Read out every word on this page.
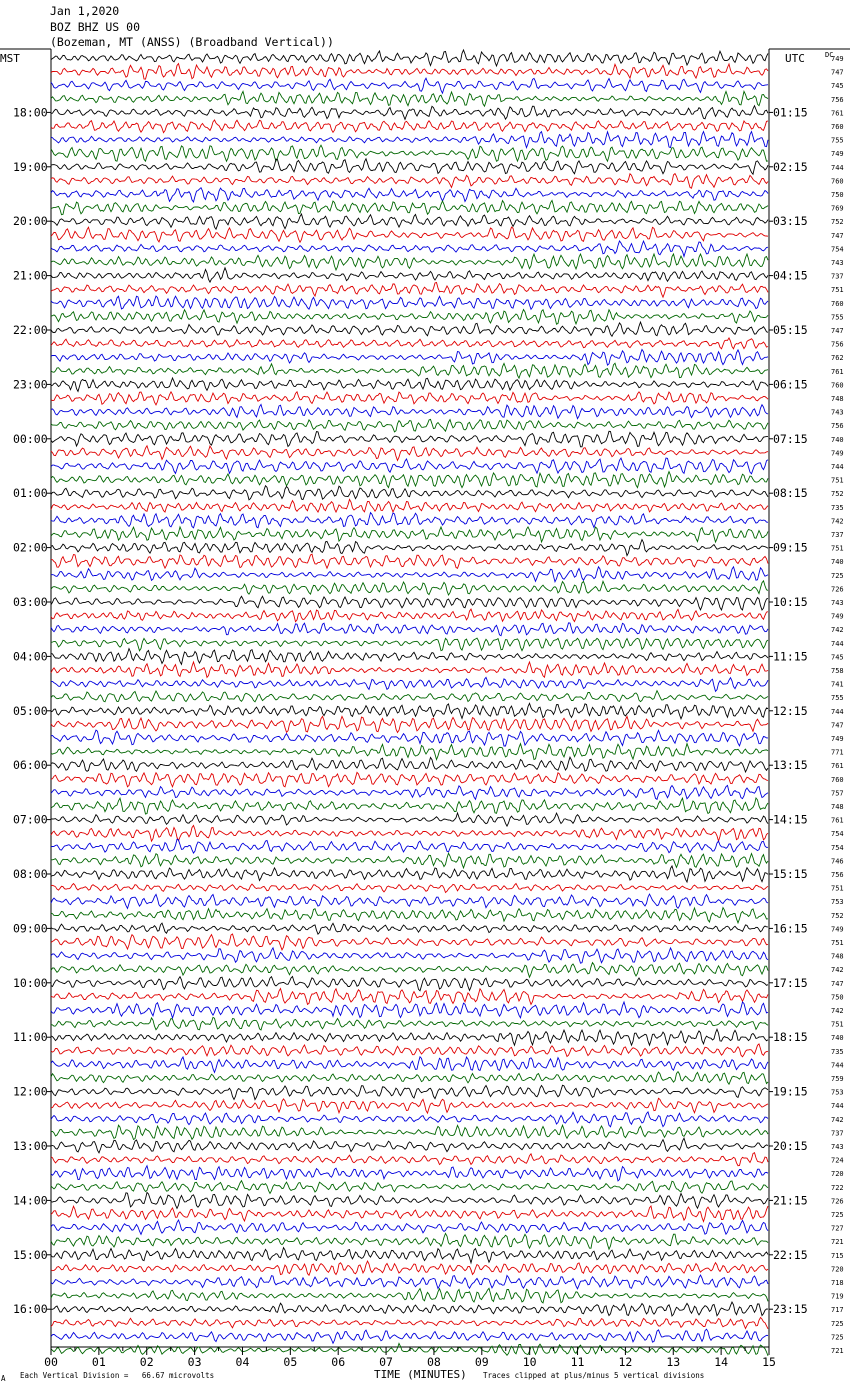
Jan 1,2020
BOZ BHZ US 00
(Bozeman, MT (ANSS) (Broadband Vertical))
MST	UTC	DC
749
747
745
756
761
760
755
749
744
760
750
769
752
747
754
743
737
751
760
755
747
756
762
761
760
748
743
756
740
749
744
751
752
735
742
737
751
740
725
726
743
749
742
744
745
758
741
755
744
747
749
771
761
760
757
748
761
754
754
746
756
751
753
752
749
751
748
742
747
750
742
751
740
735
744
759
753
744
742
737
743
724
720
722
726
725
727
721
715
720
718
719
717
725
725
721
18:00	01:15
19:00	02:15
20:00	03:15
21:00	04:15
22:00	05:15
23:00	06:15
00:00	07:15
01:00	08:15
02:00	09:15
03:00	10:15
04:00	11:15
05:00	12:15
06:00	13:15
07:00	14:15
08:00	15:15
09:00	16:15
10:00	17:15
11:00	18:15
12:00	19:15
13:00	20:15
14:00	21:15
15:00	22:15
16:00	23:15
00	01	02	03	04	05	06	07	08	09	10	11	12	13	14	15
A Each Vertical Division =   66.67 microvolts	TIME (MINUTES) Traces clipped at plus/minus 5 vertical divisions
